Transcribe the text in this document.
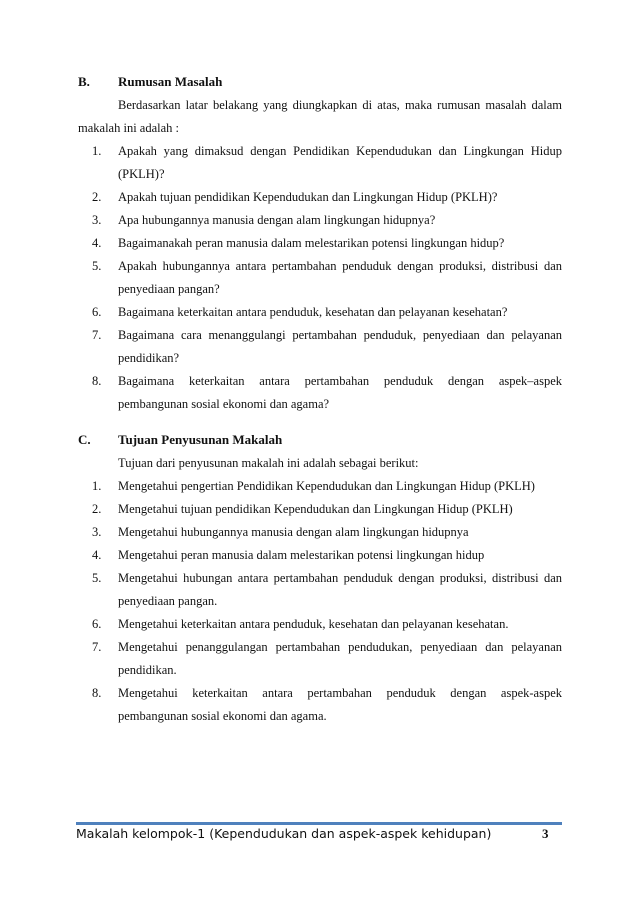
B. Rumusan Masalah
Berdasarkan latar belakang yang diungkapkan di atas, maka rumusan masalah dalam makalah ini adalah :
1. Apakah yang dimaksud dengan Pendidikan Kependudukan dan Lingkungan Hidup (PKLH)?
2. Apakah tujuan pendidikan Kependudukan dan Lingkungan Hidup (PKLH)?
3. Apa hubungannya manusia dengan alam lingkungan hidupnya?
4. Bagaimanakah peran manusia dalam melestarikan potensi lingkungan hidup?
5. Apakah hubungannya antara pertambahan penduduk dengan produksi, distribusi dan penyediaan pangan?
6. Bagaimana keterkaitan antara penduduk, kesehatan dan pelayanan kesehatan?
7. Bagaimana cara menanggulangi pertambahan penduduk, penyediaan dan pelayanan pendidikan?
8. Bagaimana keterkaitan antara pertambahan penduduk dengan aspek–aspek pembangunan sosial ekonomi dan agama?
C. Tujuan Penyusunan Makalah
Tujuan dari penyusunan makalah ini adalah sebagai berikut:
1. Mengetahui pengertian Pendidikan Kependudukan dan Lingkungan Hidup (PKLH)
2. Mengetahui tujuan pendidikan Kependudukan dan Lingkungan Hidup (PKLH)
3. Mengetahui hubungannya manusia dengan alam lingkungan hidupnya
4. Mengetahui peran manusia dalam melestarikan potensi lingkungan hidup
5. Mengetahui hubungan antara pertambahan penduduk dengan produksi, distribusi dan penyediaan pangan.
6. Mengetahui keterkaitan antara penduduk, kesehatan dan pelayanan kesehatan.
7. Mengetahui penanggulangan pertambahan pendudukan, penyediaan dan pelayanan pendidikan.
8. Mengetahui keterkaitan antara pertambahan penduduk dengan aspek-aspek pembangunan sosial ekonomi dan agama.
Makalah kelompok-1 (Kependudukan dan aspek-aspek kehidupan)	3
